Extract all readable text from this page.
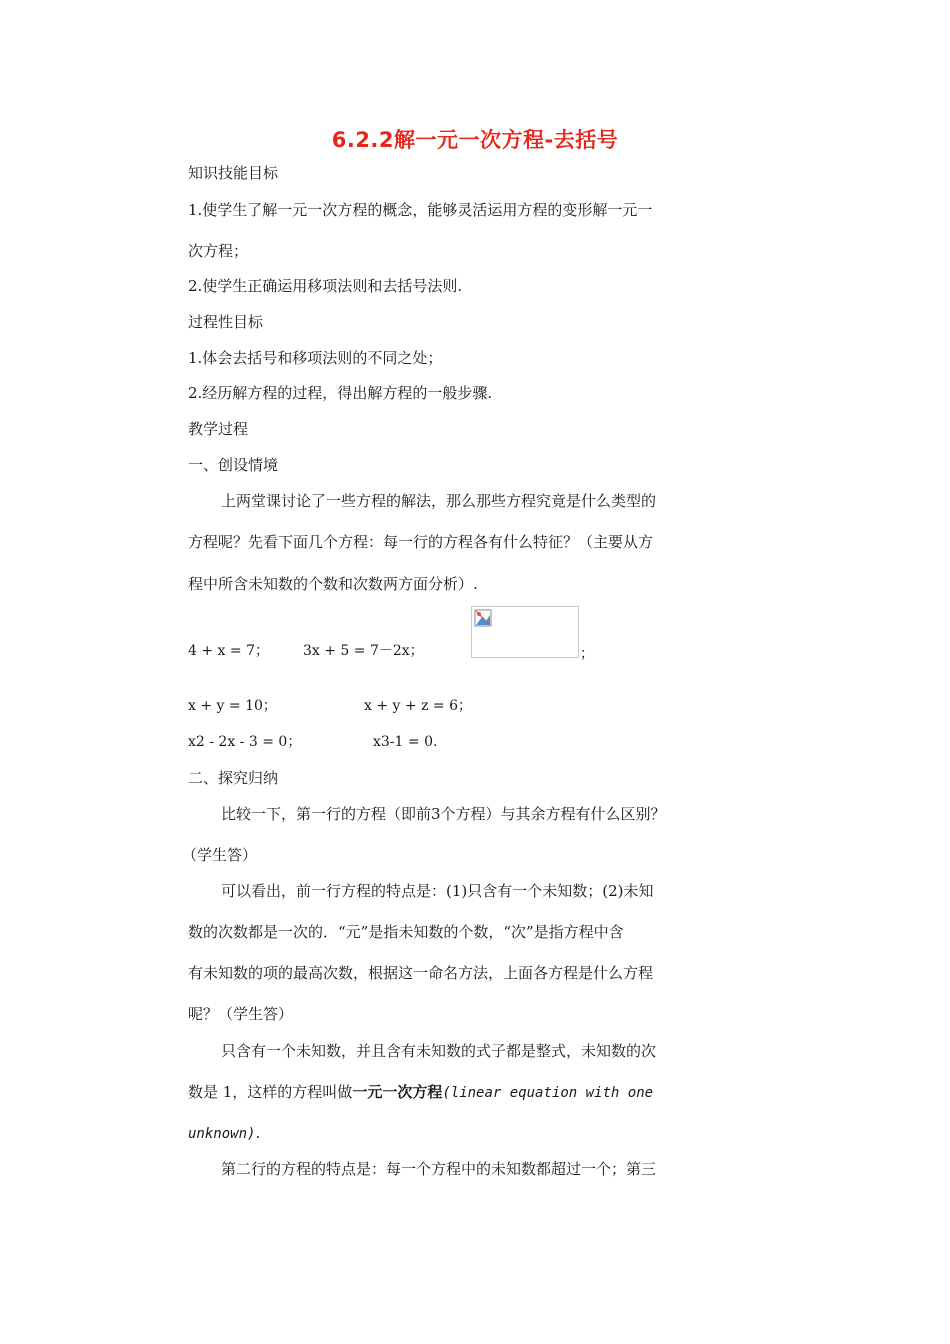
6.2.2解一元一次方程-去括号
知识技能目标
1.使学生了解一元一次方程的概念，能够灵活运用方程的变形解一元一
次方程；
2.使学生正确运用移项法则和去括号法则.
过程性目标
1.体会去括号和移项法则的不同之处；
2.经历解方程的过程，得出解方程的一般步骤.
教学过程
一、创设情境
上两堂课讨论了一些方程的解法，那么那些方程究竟是什么类型的
方程呢？先看下面几个方程：每一行的方程各有什么特征？（主要从方
程中所含未知数的个数和次数两方面分析）.
4 + x = 7； 3x + 5 = 7－2x；	；
x + y = 10；	x + y + z = 6；
x2 - 2x - 3 = 0；	x3-1 = 0.
二、探究归纳
比较一下，第一行的方程（即前3个方程）与其余方程有什么区别？
（学生答）
可以看出，前一行方程的特点是：(1)只含有一个未知数；(2)未知
数的次数都是一次的．“元”是指未知数的个数，“次”是指方程中含
有未知数的项的最高次数，根据这一命名方法，上面各方程是什么方程
呢？（学生答）
只含有一个未知数，并且含有未知数的式子都是整式，未知数的次
数是 1，这样的方程叫做一元一次方程(linear equation with one
unknown).
第二行的方程的特点是：每一个方程中的未知数都超过一个；第三
